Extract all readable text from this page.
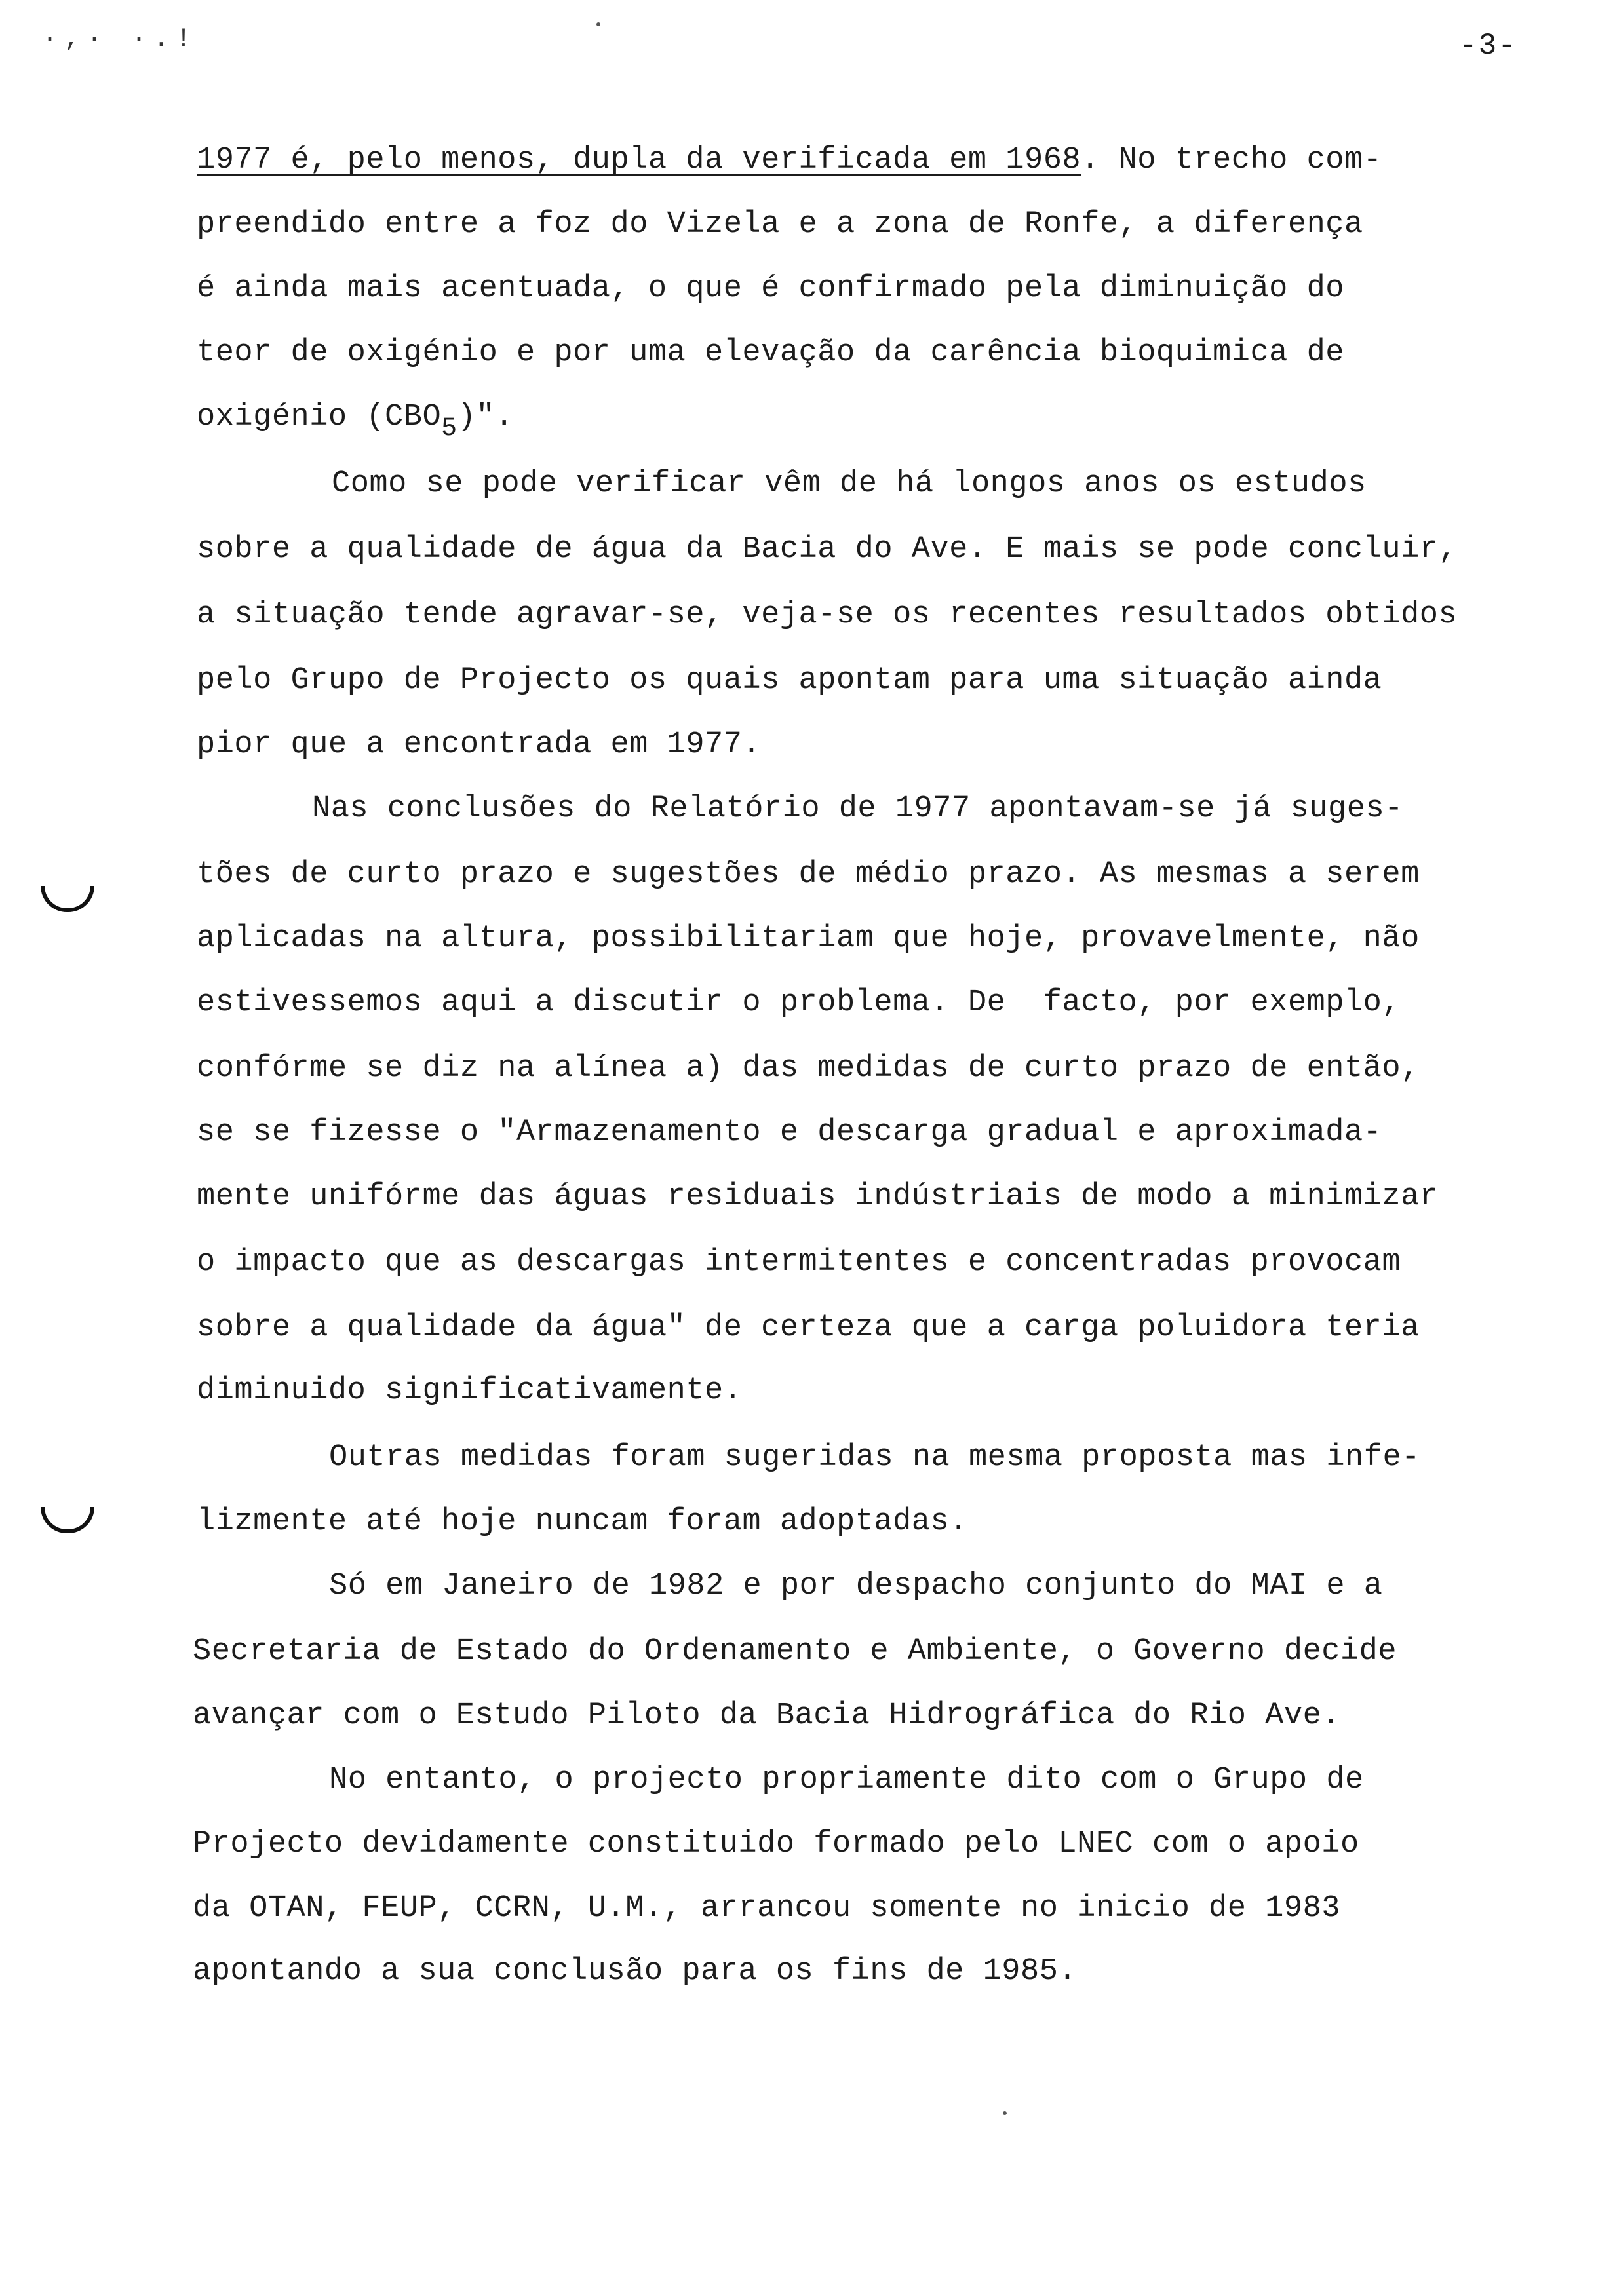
·,· ·.!	-3-
1977 é, pelo menos, dupla da verificada em 1968. No trecho com-
preendido entre a foz do Vizela e a zona de Ronfe, a diferença
é ainda mais acentuada, o que é confirmado pela diminuição do
teor de oxigénio e por uma elevação da carência bioquimica de
oxigénio (CBO5)".
Como se pode verificar vêm de há longos anos os estudos
sobre a qualidade de água da Bacia do Ave. E mais se pode concluir,
a situação tende agravar-se, veja-se os recentes resultados obtidos
pelo Grupo de Projecto os quais apontam para uma situação ainda
pior que a encontrada em 1977.
Nas conclusões do Relatório de 1977 apontavam-se já suges-
tões de curto prazo e sugestões de médio prazo. As mesmas a serem
aplicadas na altura, possibilitariam que hoje, provavelmente, não
estivessemos aqui a discutir o problema. De  facto, por exemplo,
confórme se diz na alínea a) das medidas de curto prazo de então,
se se fizesse o "Armazenamento e descarga gradual e aproximada-
mente unifórme das águas residuais indústriais de modo a minimizar
o impacto que as descargas intermitentes e concentradas provocam
sobre a qualidade da água" de certeza que a carga poluidora teria
diminuido significativamente.
Outras medidas foram sugeridas na mesma proposta mas infe-
lizmente até hoje nuncam foram adoptadas.
Só em Janeiro de 1982 e por despacho conjunto do MAI e a
Secretaria de Estado do Ordenamento e Ambiente, o Governo decide
avançar com o Estudo Piloto da Bacia Hidrográfica do Rio Ave.
No entanto, o projecto propriamente dito com o Grupo de
Projecto devidamente constituido formado pelo LNEC com o apoio
da OTAN, FEUP, CCRN, U.M., arrancou somente no inicio de 1983
apontando a sua conclusão para os fins de 1985.
